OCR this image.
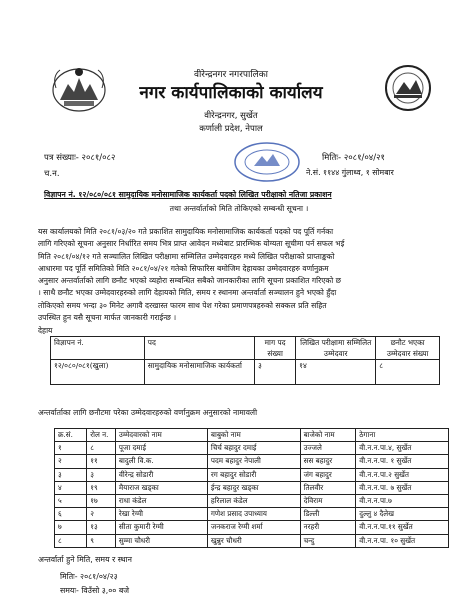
वीरेन्द्रनगर नगरपालिका
नगर कार्यपालिकाको कार्यालय
वीरेन्द्रनगर, सुर्खेत
कर्णाली प्रदेश, नेपाल
पत्र संख्याः- २०८१/०८२
च.न.
मितिः- २०८१/०४/२१
ने.सं. ११४४ गुंलाथ्व, १ सोमबार
विज्ञापन नं. १२/०८०/०८१ सामुदायिक मनोसामाजिक कार्यकर्ता पदको लिखित परीक्षाको नतिजा प्रकाशन
तथा अन्तर्वार्ताको मिति तोकिएको सम्बन्धी सूचना ।
यस कार्यालयको मिति २०८१/०३/२० गते प्रकाशित सामुदायिक मनोसामाजिक कार्यकर्ता पदको पद पूर्ति गर्नका
लागि गरिएको सूचना अनुसार निर्धारित समय भित्र प्राप्त आवेदन मध्येबाट प्रारम्भिक योग्यता सूचीमा पर्न सफल भई
मिति २०८१/०४/१२ गते सञ्चालित लिखित परीक्षामा सम्मिलित उम्मेदवारहरु मध्ये लिखित परीक्षाको प्राप्ताङ्कको
आधारमा पद पूर्ति समितिको मिति २०८१/०४/२१ गतेको सिफारिस बमोजिम देहायका उम्मेदवारहरु वर्णानुक्रम
अनुसार अन्तर्वार्ताको लागि छनौट भएको व्यहोरा सम्बन्धित सबैको जानकारीका लागि सूचना प्रकाशित गरिएको छ
। साथै छनौट भएका उम्मेदवारहरुको लागि देहायको मिति, समय र स्थानमा अन्तर्वार्ता सञ्चालन हुने भएको हुँदा
तोकिएको समय भन्दा ३० मिनेट अगावै दरखास्त फारम साथ पेश गरेका प्रमाणपत्रहरुको सक्कल प्रति सहित
उपस्थित हुन यसै सूचना मार्फत जानकारी गराईन्छ ।
देहाय
विज्ञापन नं.	पद	माग पद संख्या	लिखित परीक्षामा सम्मिलित उम्मेदवार	छनौट भएका उम्मेदवार संख्या
१२/०८०/०८१(खुला)	सामुदायिक मनोसामाजिक कार्यकर्ता	३	१४	८
अन्तर्वार्ताका लागि छनौटमा परेका उम्मेदवारहरुको वर्णानुक्रम अनुसारको नामावली
क्र.सं.	रोल न.	उम्मेदवारको नाम	बाबुको नाम	बाजेको नाम	ठेगाना
१	८	पूजा दमाई	चिर्च बहादुर दमाई	उज्जले	वी.न.न.पा.४, सुर्खेत
२	११	बादुली वि.क.	पदम बहादुर नेपाली	सस बहादुर	वी.न.न.पा. १ सुर्खेत
३	३	वीरेन्द्र सोडारी	रग बहादुर सोडारी	जंग बहादुर	वी.न.न.पा.२ सुर्खेत
४	१९	मैयाराज खड्का	ईन्द्र बहादुर खड्का	तिलवीर	वी.न.न.पा. ७ सुर्खेत
५	१७	राधा कंडेल	हरिलाल कंडेल	देविराम	वी.न.न.पा.७
६	२	रेखा रेग्मी	गणेश प्रसाद उपाध्याय	डिल्ली	दुल्लु ४ दैलेख
७	१३	सीता कुमारी रेग्मी	जनकराज रेग्मी शर्मा	नरहरी	वी.न.न.पा.११ सुर्खेत
८	९	सुम्मा चौधरी	खुन्नुर चौधरी	चन्दु	वी.न.न.पा. १० सुर्खेत
अन्तर्वार्ता हुने मिति, समय र स्थान
मितिः- २०८१/०४/२३
समयः- विउँसो ३,०० बजे
